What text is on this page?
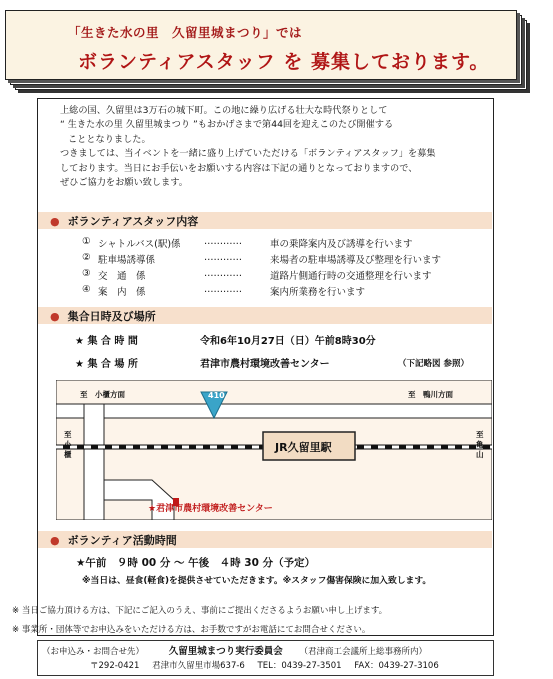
「生きた水の里　久留里城まつり」では
ボランティアスタッフ を 募集しております。

上総の国、久留里は3万石の城下町。この地に繰り広げる壮大な時代祭りとして

“ 生きた水の里 久留里城まつり ”もおかげさまで第44回を迎えこのたび開催する

こととなりました。

つきましては、当イベントを一緒に盛り上げていただける「ボランティアスタッフ」を募集

しております。当日にお手伝いをお願いする内容は下記の通りとなっておりますので、

ぜひご協力をお願い致します。

● ボランティアスタッフ内容
① シャトルバス(駅)係 …………	車の乗降案内及び誘導を行います
② 駐車場誘導係	…………	来場者の駐車場誘導及び整理を行います
③ 交　通　係	…………	道路片側通行時の交通整理を行います
④ 案　内　係	…………	案内所業務を行います
● 集合日時及び場所
★ 集 合 時 間	令和6年10月27日（日）午前8時30分
★ 集 合 場 所	君津市農村環境改善センター	（下記略図 参照）
410
至　小櫃方面	至　鴨川方面
至小櫃
至亀山
JR久留里駅
★君津市農村環境改善センター
● ボランティア活動時間
★午前　９時 00 分 〜 午後　４時 30 分（予定）
※当日は、昼食(軽食)を提供させていただきます。※スタッフ傷害保険に加入致します。
※ 当日ご協力頂ける方は、下記にご記入のうえ、事前にご提出くださるようお願い申し上げます。
※ 事業所・団体等でお申込みをいただける方は、お手数ですがお電話にてお問合せください。
（お申込み・お問合せ先）	久留里城まつり実行委員会 （君津商工会議所上総事務所内）
〒292-0421 君津市久留里市場637-6 TEL：0439-27-3501 FAX：0439-27-3106
